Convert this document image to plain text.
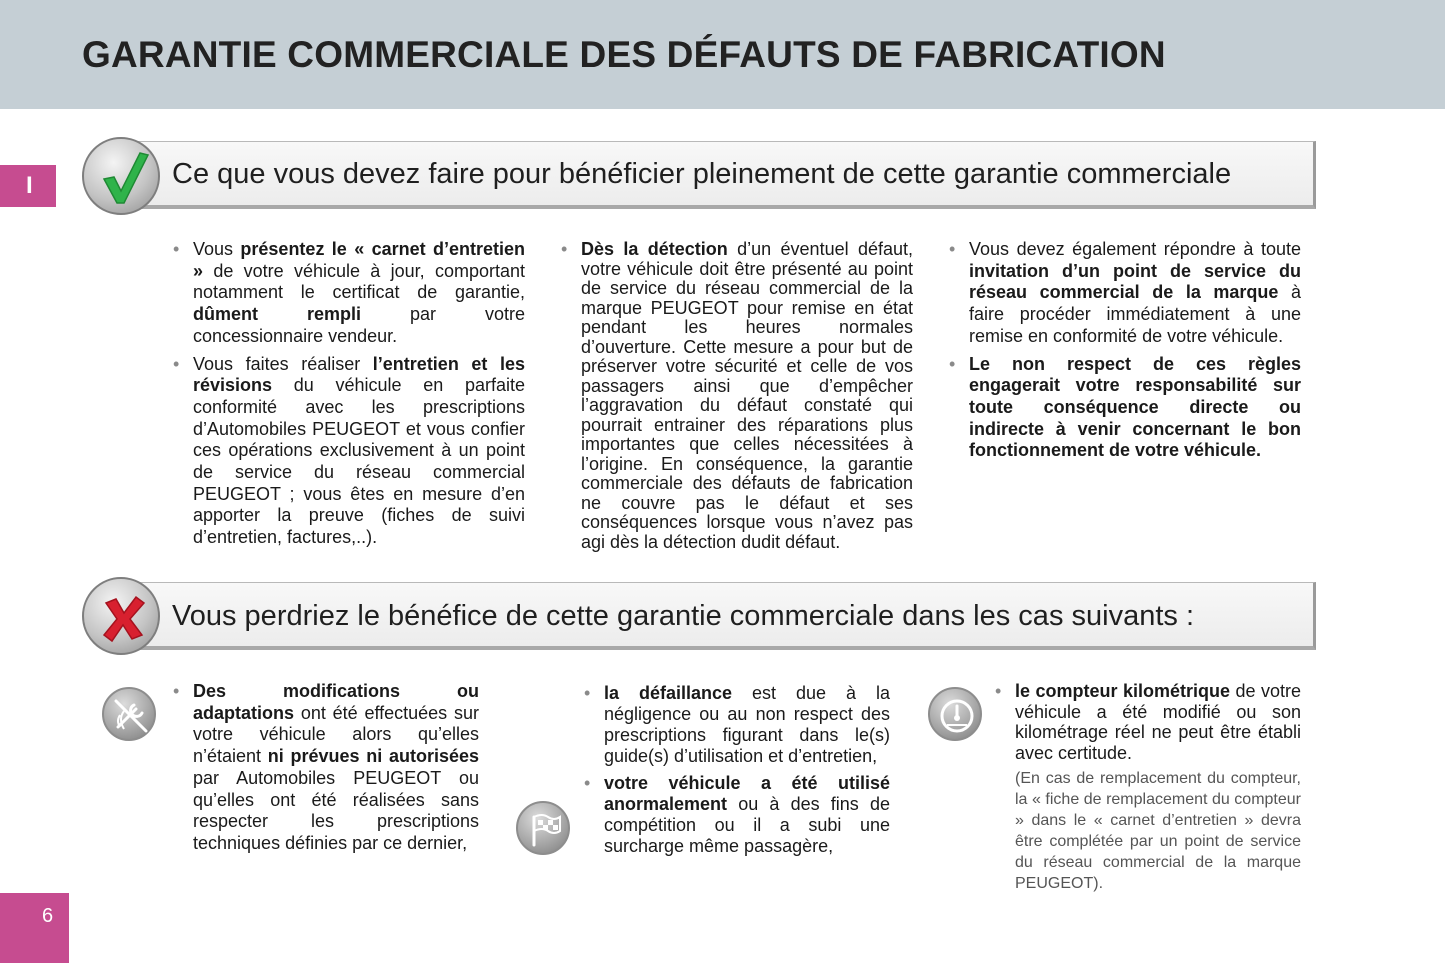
GARANTIE COMMERCIALE DES DÉFAUTS DE FABRICATION
I	Ce que vous devez faire pour bénéficier pleinement de cette garantie commerciale
• Vous présentez le « carnet d’entretien » de votre véhicule à jour, comportant notamment le certificat de garantie, dûment rempli par votre concessionnaire vendeur.
• Vous faites réaliser l’entretien et les révisions du véhicule en parfaite conformité avec les prescriptions d’Automobiles PEUGEOT et vous confier ces opérations exclusivement à un point de service du réseau commercial PEUGEOT ; vous êtes en mesure d’en apporter la preuve (fiches de suivi d’entretien, factures,..).
• Dès la détection d’un éventuel défaut, votre véhicule doit être présenté au point de service du réseau commercial de la marque PEUGEOT pour remise en état pendant les heures normales d’ouverture. Cette mesure a pour but de préserver votre sécurité et celle de vos passagers ainsi que d’empêcher l’aggravation du défaut constaté qui pourrait entrainer des réparations plus importantes que celles nécessitées à l’origine. En conséquence, la garantie commerciale des défauts de fabrication ne couvre pas le défaut et ses conséquences lorsque vous n’avez pas agi dès la détection dudit défaut.
• Vous devez également répondre à toute invitation d’un point de service du réseau commercial de la marque à faire procéder immédiatement à une remise en conformité de votre véhicule.
• Le non respect de ces règles engagerait votre responsabilité sur toute conséquence directe ou indirecte à venir concernant le bon fonctionnement de votre véhicule.
Vous perdriez le bénéfice de cette garantie commerciale dans les cas suivants :
• Des modifications ou adaptations ont été effectuées sur votre véhicule alors qu’elles n’étaient ni prévues ni autorisées par Automobiles PEUGEOT ou qu’elles ont été réalisées sans respecter les prescriptions techniques définies par ce dernier,
• la défaillance est due à la négligence ou au non respect des prescriptions figurant dans le(s) guide(s) d’utilisation et d’entretien,
• votre véhicule a été utilisé anormalement ou à des fins de compétition ou il a subi une surcharge même passagère,
• le compteur kilométrique de votre véhicule a été modifié ou son kilométrage réel ne peut être établi avec certitude.
(En cas de remplacement du compteur, la « fiche de remplacement du compteur » dans le « carnet d’entretien » devra être complétée par un point de service du réseau commercial de la marque PEUGEOT).
6
